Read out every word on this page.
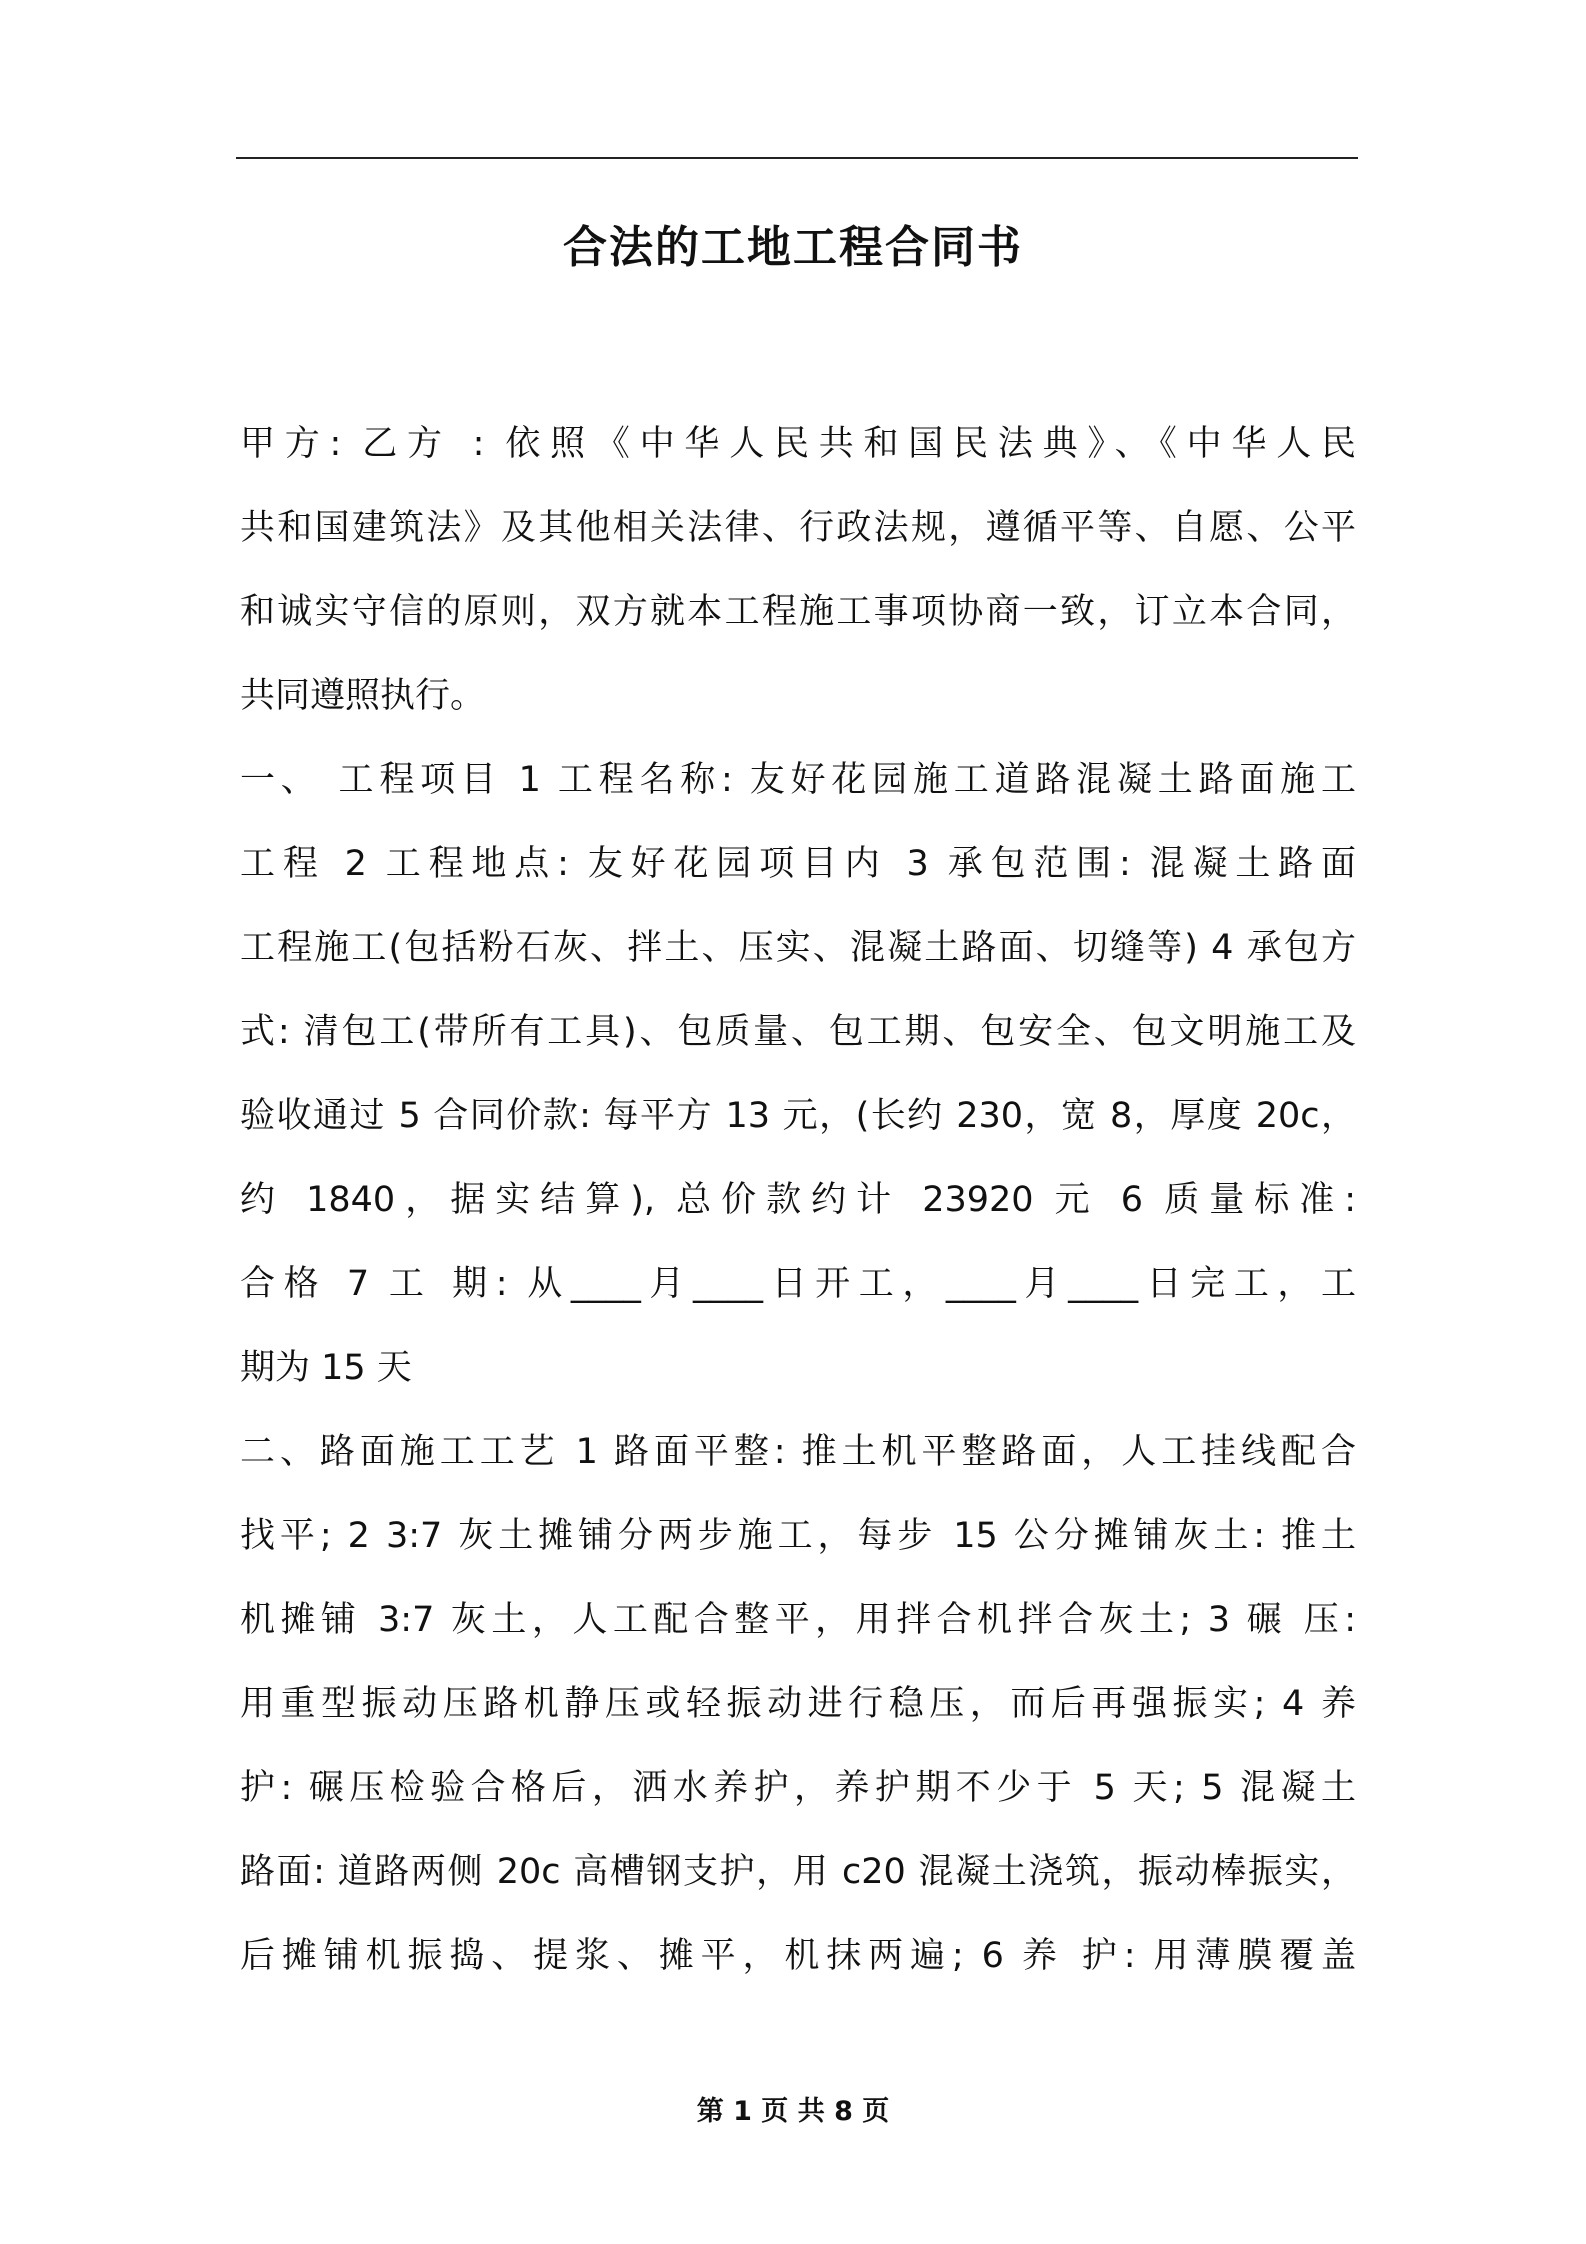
合法的工地工程合同书
甲方: 乙方 : 依照《中华人民共和国民法典》、《中华人民
共和国建筑法》及其他相关法律、行政法规，遵循平等、自愿、公平
和诚实守信的原则，双方就本工程施工事项协商一致，订立本合同，
共同遵照执行。
一、 工程项目 1 工程名称: 友好花园施工道路混凝土路面施工
工程 2 工程地点: 友好花园项目内 3 承包范围: 混凝土路面
工程施工(包括粉石灰、拌土、压实、混凝土路面、切缝等) 4 承包方
式: 清包工(带所有工具)、包质量、包工期、包安全、包文明施工及
验收通过 5 合同价款: 每平方 13 元，(长约 230，宽 8，厚度 20c，
约 1840，据实结算), 总价款约计 23920 元 6 质量标准:
合格 7 工 期: 从____月____日开工，____月____日完工，工
期为 15 天
二、路面施工工艺 1 路面平整: 推土机平整路面，人工挂线配合
找平; 2 3:7 灰土摊铺分两步施工，每步 15 公分摊铺灰土: 推土
机摊铺 3:7 灰土，人工配合整平，用拌合机拌合灰土; 3 碾 压:
用重型振动压路机静压或轻振动进行稳压，而后再强振实; 4 养
护: 碾压检验合格后，洒水养护，养护期不少于 5 天; 5 混凝土
路面: 道路两侧 20c 高槽钢支护，用 c20 混凝土浇筑，振动棒振实，
后摊铺机振捣、提浆、摊平，机抹两遍; 6 养 护: 用薄膜覆盖
第 1 页 共 8 页
